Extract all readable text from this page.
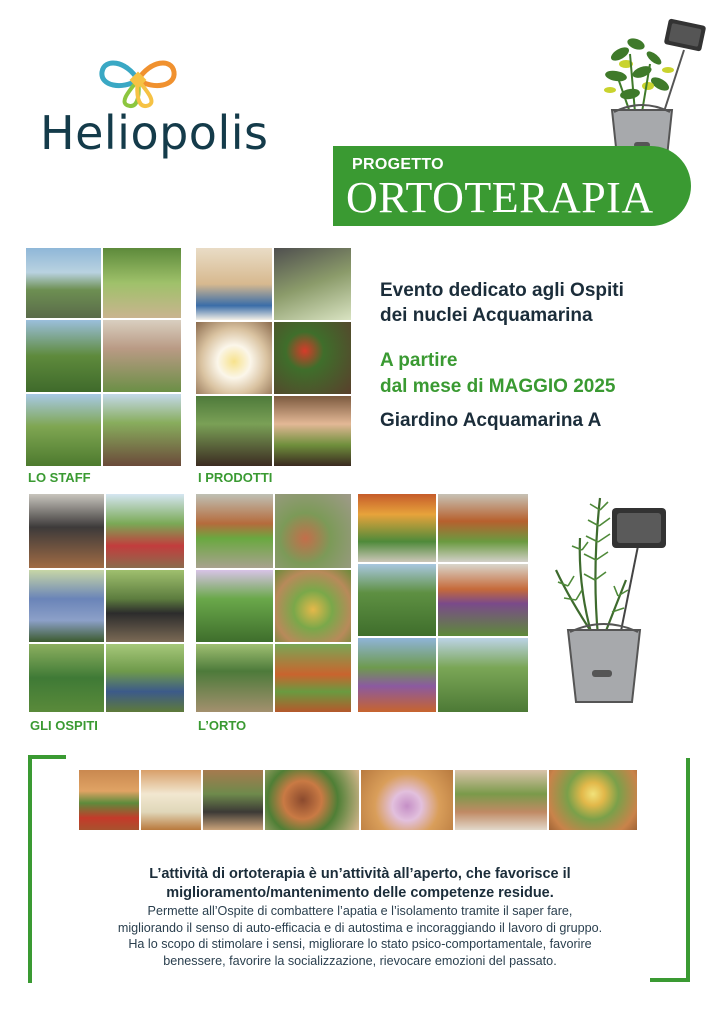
Heliopolis
PROGETTO
ORTOTERAPIA
Evento dedicato agli Ospiti
dei nuclei Acquamarina
A partire
dal mese di MAGGIO 2025
Giardino Acquamarina A
LO STAFF	I PRODOTTI
GLI OSPITI	L’ORTO
L’attività di ortoterapia è un’attività all’aperto, che favorisce il
miglioramento/mantenimento delle competenze residue.

Permette all’Ospite di combattere l’apatia e l’isolamento tramite il saper fare,

migliorando il senso di auto-efficacia e di autostima e incoraggiando il lavoro di gruppo.

Ha lo scopo di stimolare i sensi, migliorare lo stato psico-comportamentale, favorire

benessere, favorire la socializzazione, rievocare emozioni del passato.
